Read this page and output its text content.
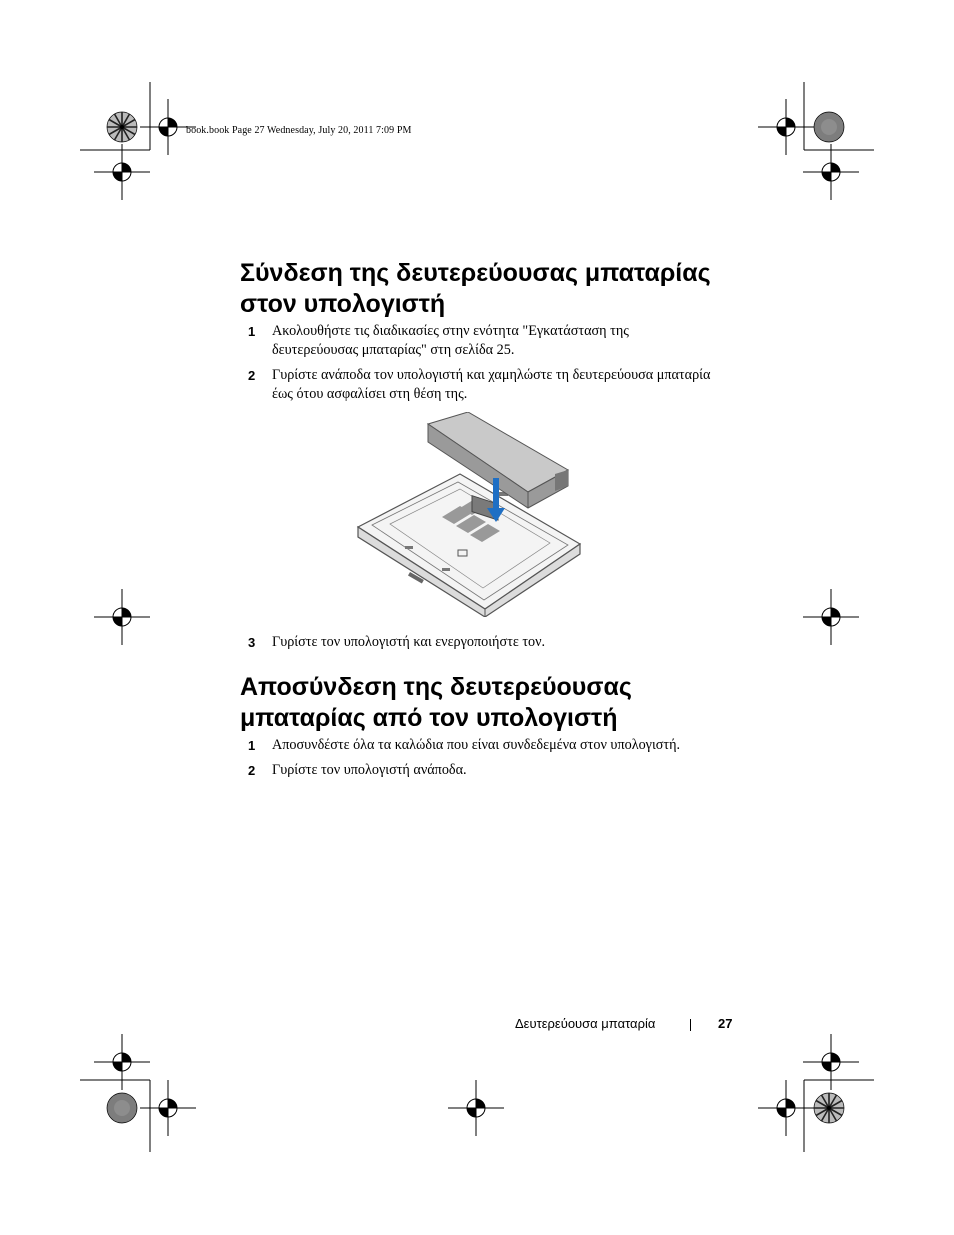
book.book Page 27 Wednesday, July 20, 2011 7:09 PM
Σύνδεση της δευτερεύουσας μπαταρίας
στον υπολογιστή
1	Ακολουθήστε τις διαδικασίες στην ενότητα "Εγκατάσταση της
δευτερεύουσας μπαταρίας" στη σελίδα 25.
2	Γυρίστε ανάποδα τον υπολογιστή και χαμηλώστε τη δευτερεύουσα μπαταρία
έως ότου ασφαλίσει στη θέση της.
3	Γυρίστε τον υπολογιστή και ενεργοποιήστε τον.
Αποσύνδεση της δευτερεύουσας
μπαταρίας από τον υπολογιστή
1	Αποσυνδέστε όλα τα καλώδια που είναι συνδεδεμένα στον υπολογιστή.
2	Γυρίστε τον υπολογιστή ανάποδα.
Δευτερεύουσα μπαταρία	27
